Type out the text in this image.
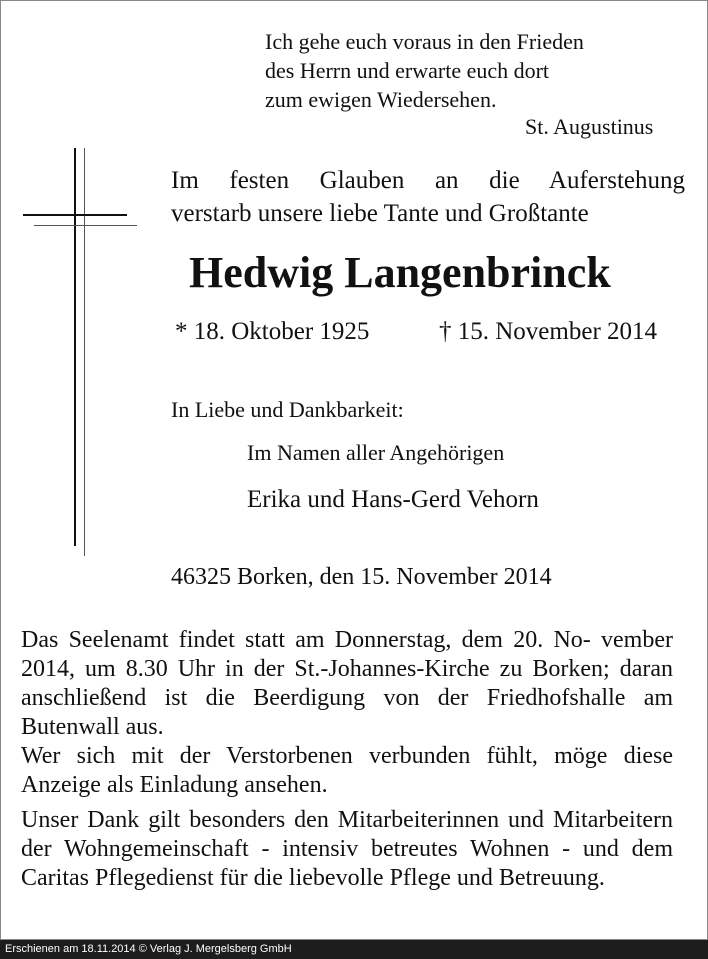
Ich gehe euch voraus in den Frieden
des Herrn und erwarte euch dort
zum ewigen Wiedersehen.
St. Augustinus
Im festen Glauben an die Auferstehung
verstarb unsere liebe Tante und Großtante
Hedwig Langenbrinck
* 18. Oktober 1925	† 15. November 2014
In Liebe und Dankbarkeit:
Im Namen aller Angehörigen
Erika und Hans-Gerd Vehorn
46325 Borken, den 15. November 2014

Das Seelenamt findet statt am Donnerstag, dem 20. No- vember 2014, um 8.30 Uhr in der St.-Johannes-Kirche zu Borken; daran anschließend ist die Beerdigung von der Friedhofshalle am Butenwall aus.

Wer sich mit der Verstorbenen verbunden fühlt, möge diese Anzeige als Einladung ansehen.

Unser Dank gilt besonders den Mitarbeiterinnen und Mitarbeitern der Wohngemeinschaft - intensiv betreutes Wohnen - und dem Caritas Pflegedienst für die liebevolle Pflege und Betreuung.

Erschienen am 18.11.2014 © Verlag J. Mergelsberg GmbH
